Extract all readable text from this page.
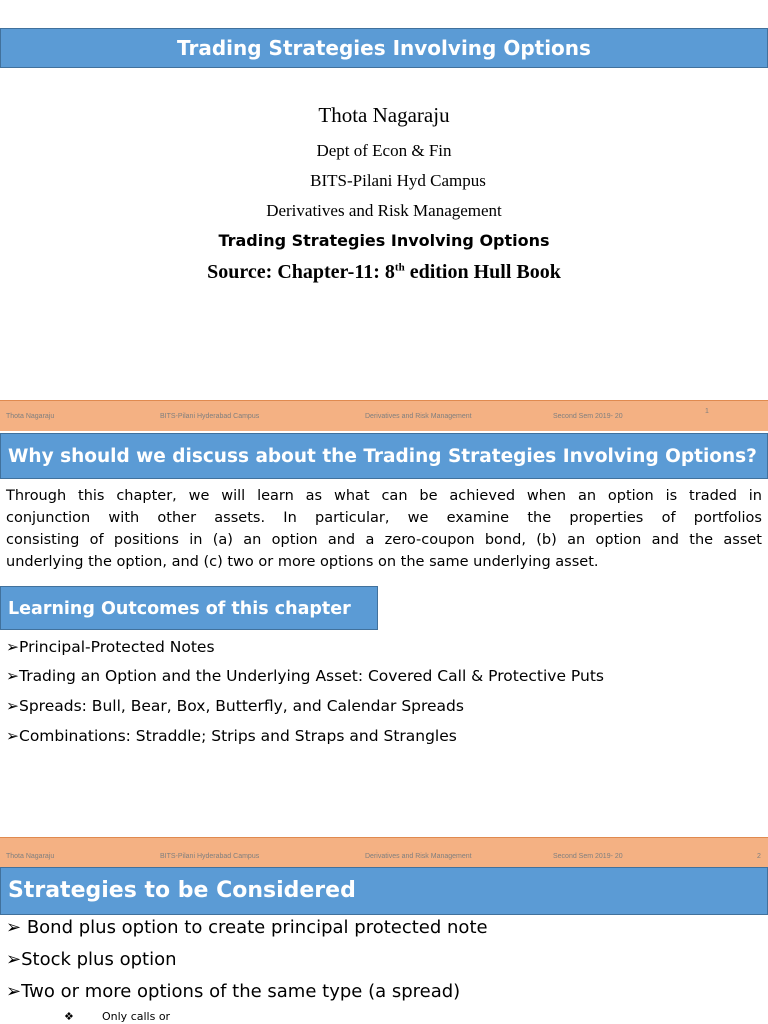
Trading Strategies Involving Options
Thota Nagaraju
Dept of Econ & Fin
BITS-Pilani Hyd Campus
Derivatives and Risk Management
Trading Strategies Involving Options
Source: Chapter-11: 8th edition Hull Book
Thota Nagaraju	BITS-Pilani Hyderabad Campus	Derivatives and Risk Management	Second Sem 2019- 20
1
Why should we discuss about the Trading Strategies Involving Options?
Through this chapter, we will learn as what can be achieved when an option is traded in
conjunction with other assets. In particular, we examine the properties of portfolios
consisting of positions in (a) an option and a zero-coupon bond, (b) an option and the asset
underlying the option, and (c) two or more options on the same underlying asset.
Learning Outcomes of this chapter
➢Principal-Protected Notes
➢Trading an Option and the Underlying Asset: Covered Call & Protective Puts
➢Spreads: Bull, Bear, Box, Butterfly, and Calendar Spreads
➢Combinations: Straddle; Strips and Straps and Strangles
Thota Nagaraju	BITS-Pilani Hyderabad Campus	Derivatives and Risk Management	Second Sem 2019- 20	2
Strategies to be Considered
➢ Bond plus option to create principal protected note
➢Stock plus option
➢Two or more options of the same type (a spread)
❖	Only calls or
